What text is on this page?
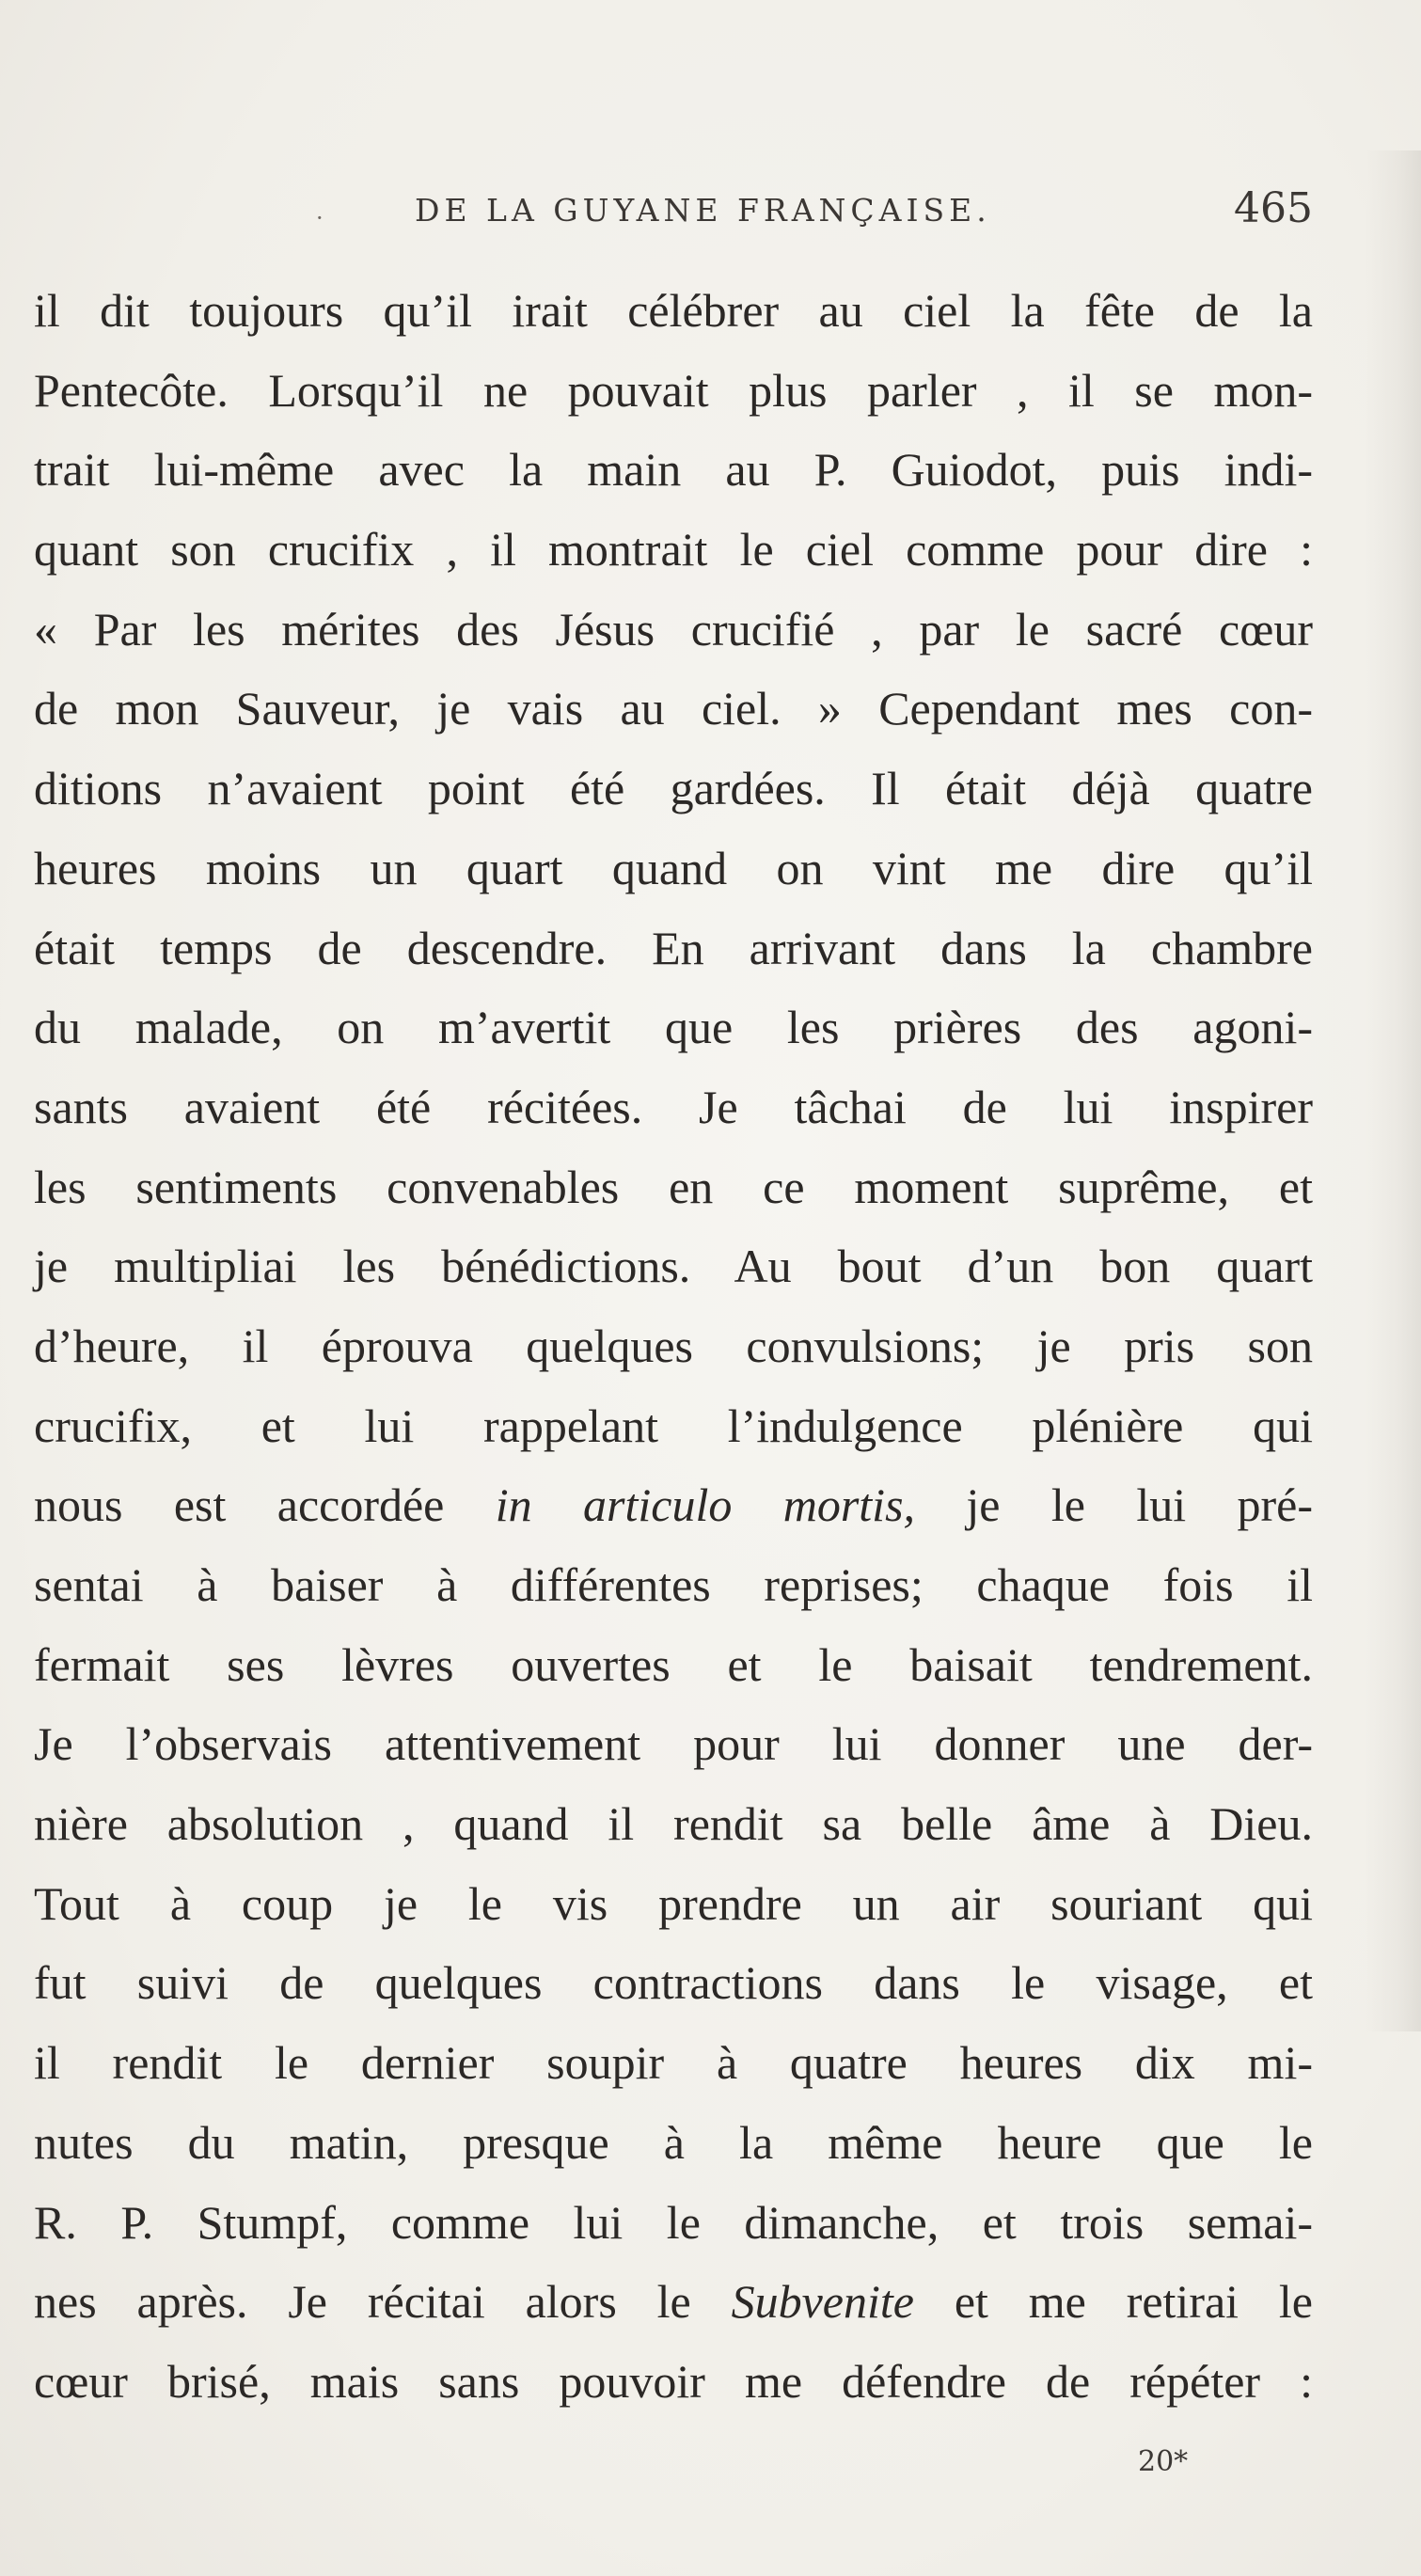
·	DE LA GUYANE FRANÇAISE.	465
il dit toujours qu’il irait célébrer au ciel la fête de la
Pentecôte. Lorsqu’il ne pouvait plus parler , il se mon-
trait lui-même avec la main au P. Guiodot, puis indi-
quant son crucifix , il montrait le ciel comme pour dire :
« Par les mérites des Jésus crucifié , par le sacré cœur
de mon Sauveur, je vais au ciel. » Cependant mes con-
ditions n’avaient point été gardées. Il était déjà quatre
heures moins un quart quand on vint me dire qu’il
était temps de descendre. En arrivant dans la chambre
du malade, on m’avertit que les prières des agoni-
sants avaient été récitées. Je tâchai de lui inspirer
les sentiments convenables en ce moment suprême, et
je multipliai les bénédictions. Au bout d’un bon quart
d’heure, il éprouva quelques convulsions; je pris son
crucifix, et lui rappelant l’indulgence plénière qui
nous est accordée in articulo mortis, je le lui pré-
sentai à baiser à différentes reprises; chaque fois il
fermait ses lèvres ouvertes et le baisait tendrement.
Je l’observais attentivement pour lui donner une der-
nière absolution , quand il rendit sa belle âme à Dieu.
Tout à coup je le vis prendre un air souriant qui
fut suivi de quelques contractions dans le visage, et
il rendit le dernier soupir à quatre heures dix mi-
nutes du matin, presque à la même heure que le
R. P. Stumpf, comme lui le dimanche, et trois semai-
nes après. Je récitai alors le Subvenite et me retirai le
cœur brisé, mais sans pouvoir me défendre de répéter :
20*
